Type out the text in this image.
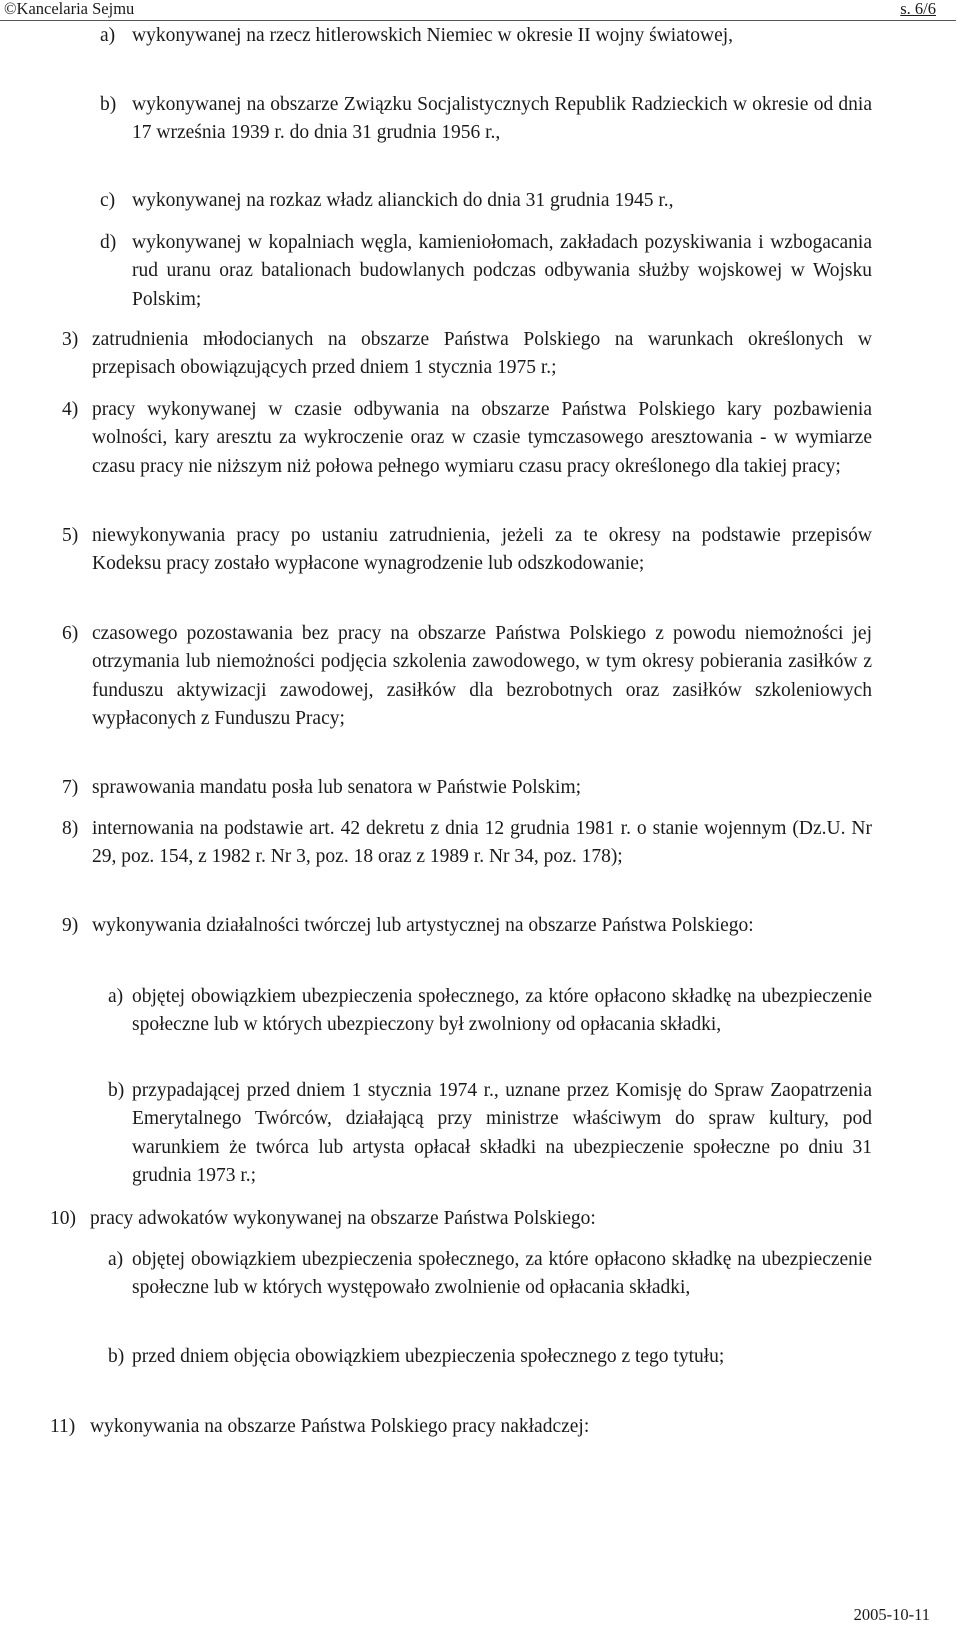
©Kancelaria Sejmu	s. 6/6
a) wykonywanej na rzecz hitlerowskich Niemiec w okresie II wojny światowej,
b) wykonywanej na obszarze Związku Socjalistycznych Republik Radzieckich w okresie od dnia 17 września 1939 r. do dnia 31 grudnia 1956 r.,
c) wykonywanej na rozkaz władz alianckich do dnia 31 grudnia 1945 r.,
d) wykonywanej w kopalniach węgla, kamieniołomach, zakładach pozyskiwania i wzbogacania rud uranu oraz batalionach budowlanych podczas odbywania służby wojskowej w Wojsku Polskim;
3) zatrudnienia młodocianych na obszarze Państwa Polskiego na warunkach określonych w przepisach obowiązujących przed dniem 1 stycznia 1975 r.;
4) pracy wykonywanej w czasie odbywania na obszarze Państwa Polskiego kary pozbawienia wolności, kary aresztu za wykroczenie oraz w czasie tymczasowego aresztowania - w wymiarze czasu pracy nie niższym niż połowa pełnego wymiaru czasu pracy określonego dla takiej pracy;
5) niewykonywania pracy po ustaniu zatrudnienia, jeżeli za te okresy na podstawie przepisów Kodeksu pracy zostało wypłacone wynagrodzenie lub odszkodowanie;
6) czasowego pozostawania bez pracy na obszarze Państwa Polskiego z powodu niemożności jej otrzymania lub niemożności podjęcia szkolenia zawodowego, w tym okresy pobierania zasiłków z funduszu aktywizacji zawodowej, zasiłków dla bezrobotnych oraz zasiłków szkoleniowych wypłaconych z Funduszu Pracy;
7) sprawowania mandatu posła lub senatora w Państwie Polskim;
8) internowania na podstawie art. 42 dekretu z dnia 12 grudnia 1981 r. o stanie wojennym (Dz.U. Nr 29, poz. 154, z 1982 r. Nr 3, poz. 18 oraz z 1989 r. Nr 34, poz. 178);
9) wykonywania działalności twórczej lub artystycznej na obszarze Państwa Polskiego:
a) objętej obowiązkiem ubezpieczenia społecznego, za które opłacono składkę na ubezpieczenie społeczne lub w których ubezpieczony był zwolniony od opłacania składki,
b) przypadającej przed dniem 1 stycznia 1974 r., uznane przez Komisję do Spraw Zaopatrzenia Emerytalnego Twórców, działającą przy ministrze właściwym do spraw kultury, pod warunkiem że twórca lub artysta opłacał składki na ubezpieczenie społeczne po dniu 31 grudnia 1973 r.;
10) pracy adwokatów wykonywanej na obszarze Państwa Polskiego:
a) objętej obowiązkiem ubezpieczenia społecznego, za które opłacono składkę na ubezpieczenie społeczne lub w których występowało zwolnienie od opłacania składki,
b) przed dniem objęcia obowiązkiem ubezpieczenia społecznego z tego tytułu;
11) wykonywania na obszarze Państwa Polskiego pracy nakładczej:
2005-10-11
